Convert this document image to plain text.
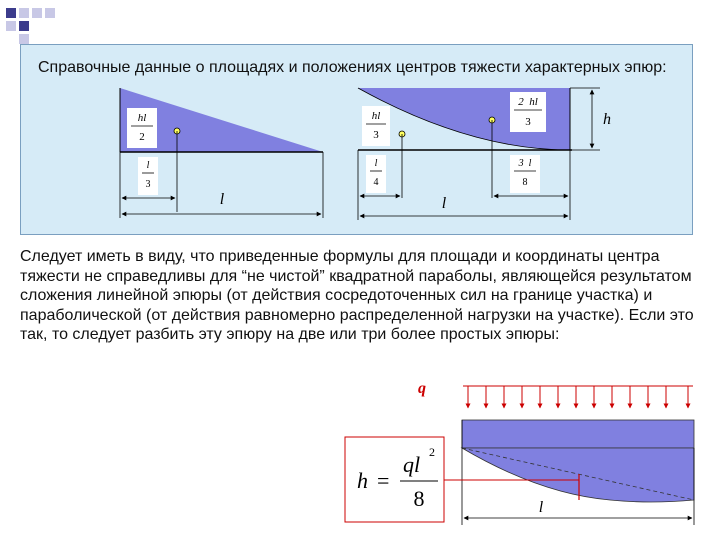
Справочные данные о площадях и положениях центров тяжести характерных эпюр:
hl
2
l
3
l
h
hl
3
2  hl
3
l
4
3  l
8
l
q
l
h =
ql 2
8
Следует иметь в виду, что приведенные формулы для площади и координаты центра тяжести не справедливы для “не чистой” квадратной параболы, являющейся результатом сложения линейной эпюры (от действия сосредоточенных сил на границе участка) и параболической (от действия равномерно распределенной нагрузки на участке). Если это так, то следует разбить эту эпюру на две или три более простых эпюры:
